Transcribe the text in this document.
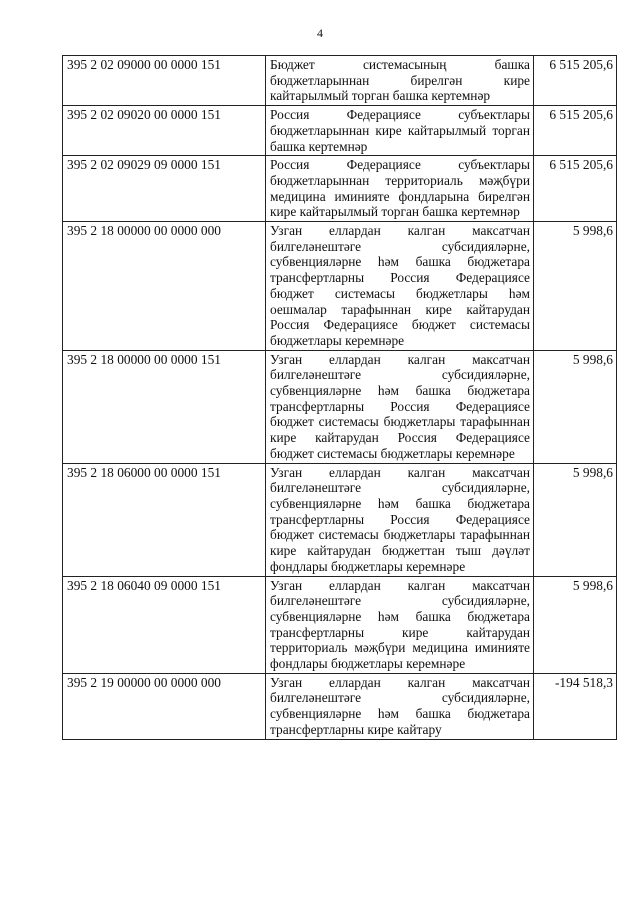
4
395 2 02 09000 00 0000 151	Бюджет системасының башка бюджетларыннан бирелгән кире кайтарылмый торган башка кертемнәр	6 515 205,6
395 2 02 09020 00 0000 151	Россия Федерациясе субъектлары бюджетларыннан кире кайтарылмый торган башка кертемнәр	6 515 205,6
395 2 02 09029 09 0000 151	Россия Федерациясе субъектлары бюджетларыннан территориаль мәҗбүри медицина иминияте фондларына бирелгән кире кайтарылмый торган башка кертемнәр	6 515 205,6
395 2 18 00000 00 0000 000	Узган еллардан калган максатчан билгеләнештәге субсидияләрне, субвенцияләрне һәм башка бюджетара трансфертларны Россия Федерациясе бюджет системасы бюджетлары һәм оешмалар тарафыннан кире кайтарудан Россия Федерациясе бюджет системасы бюджетлары керемнәре	5 998,6
395 2 18 00000 00 0000 151	Узган еллардан калган максатчан билгеләнештәге субсидияләрне, субвенцияләрне һәм башка бюджетара трансфертларны Россия Федерациясе бюджет системасы бюджетлары тарафыннан кире кайтарудан Россия Федерациясе бюджет системасы бюджетлары керемнәре	5 998,6
395 2 18 06000 00 0000 151	Узган еллардан калган максатчан билгеләнештәге субсидияләрне, субвенцияләрне һәм башка бюджетара трансфертларны Россия Федерациясе бюджет системасы бюджетлары тарафыннан кире кайтарудан бюджеттан тыш дәүләт фондлары бюджетлары керемнәре	5 998,6
395 2 18 06040 09 0000 151	Узган еллардан калган максатчан билгеләнештәге субсидияләрне, субвенцияләрне һәм башка бюджетара трансфертларны кире кайтарудан территориаль мәҗбүри медицина иминияте фондлары бюджетлары керемнәре	5 998,6
395 2 19 00000 00 0000 000	Узган еллардан калган максатчан билгеләнештәге субсидияләрне, субвенцияләрне һәм башка бюджетара трансфертларны кире кайтару	-194 518,3
